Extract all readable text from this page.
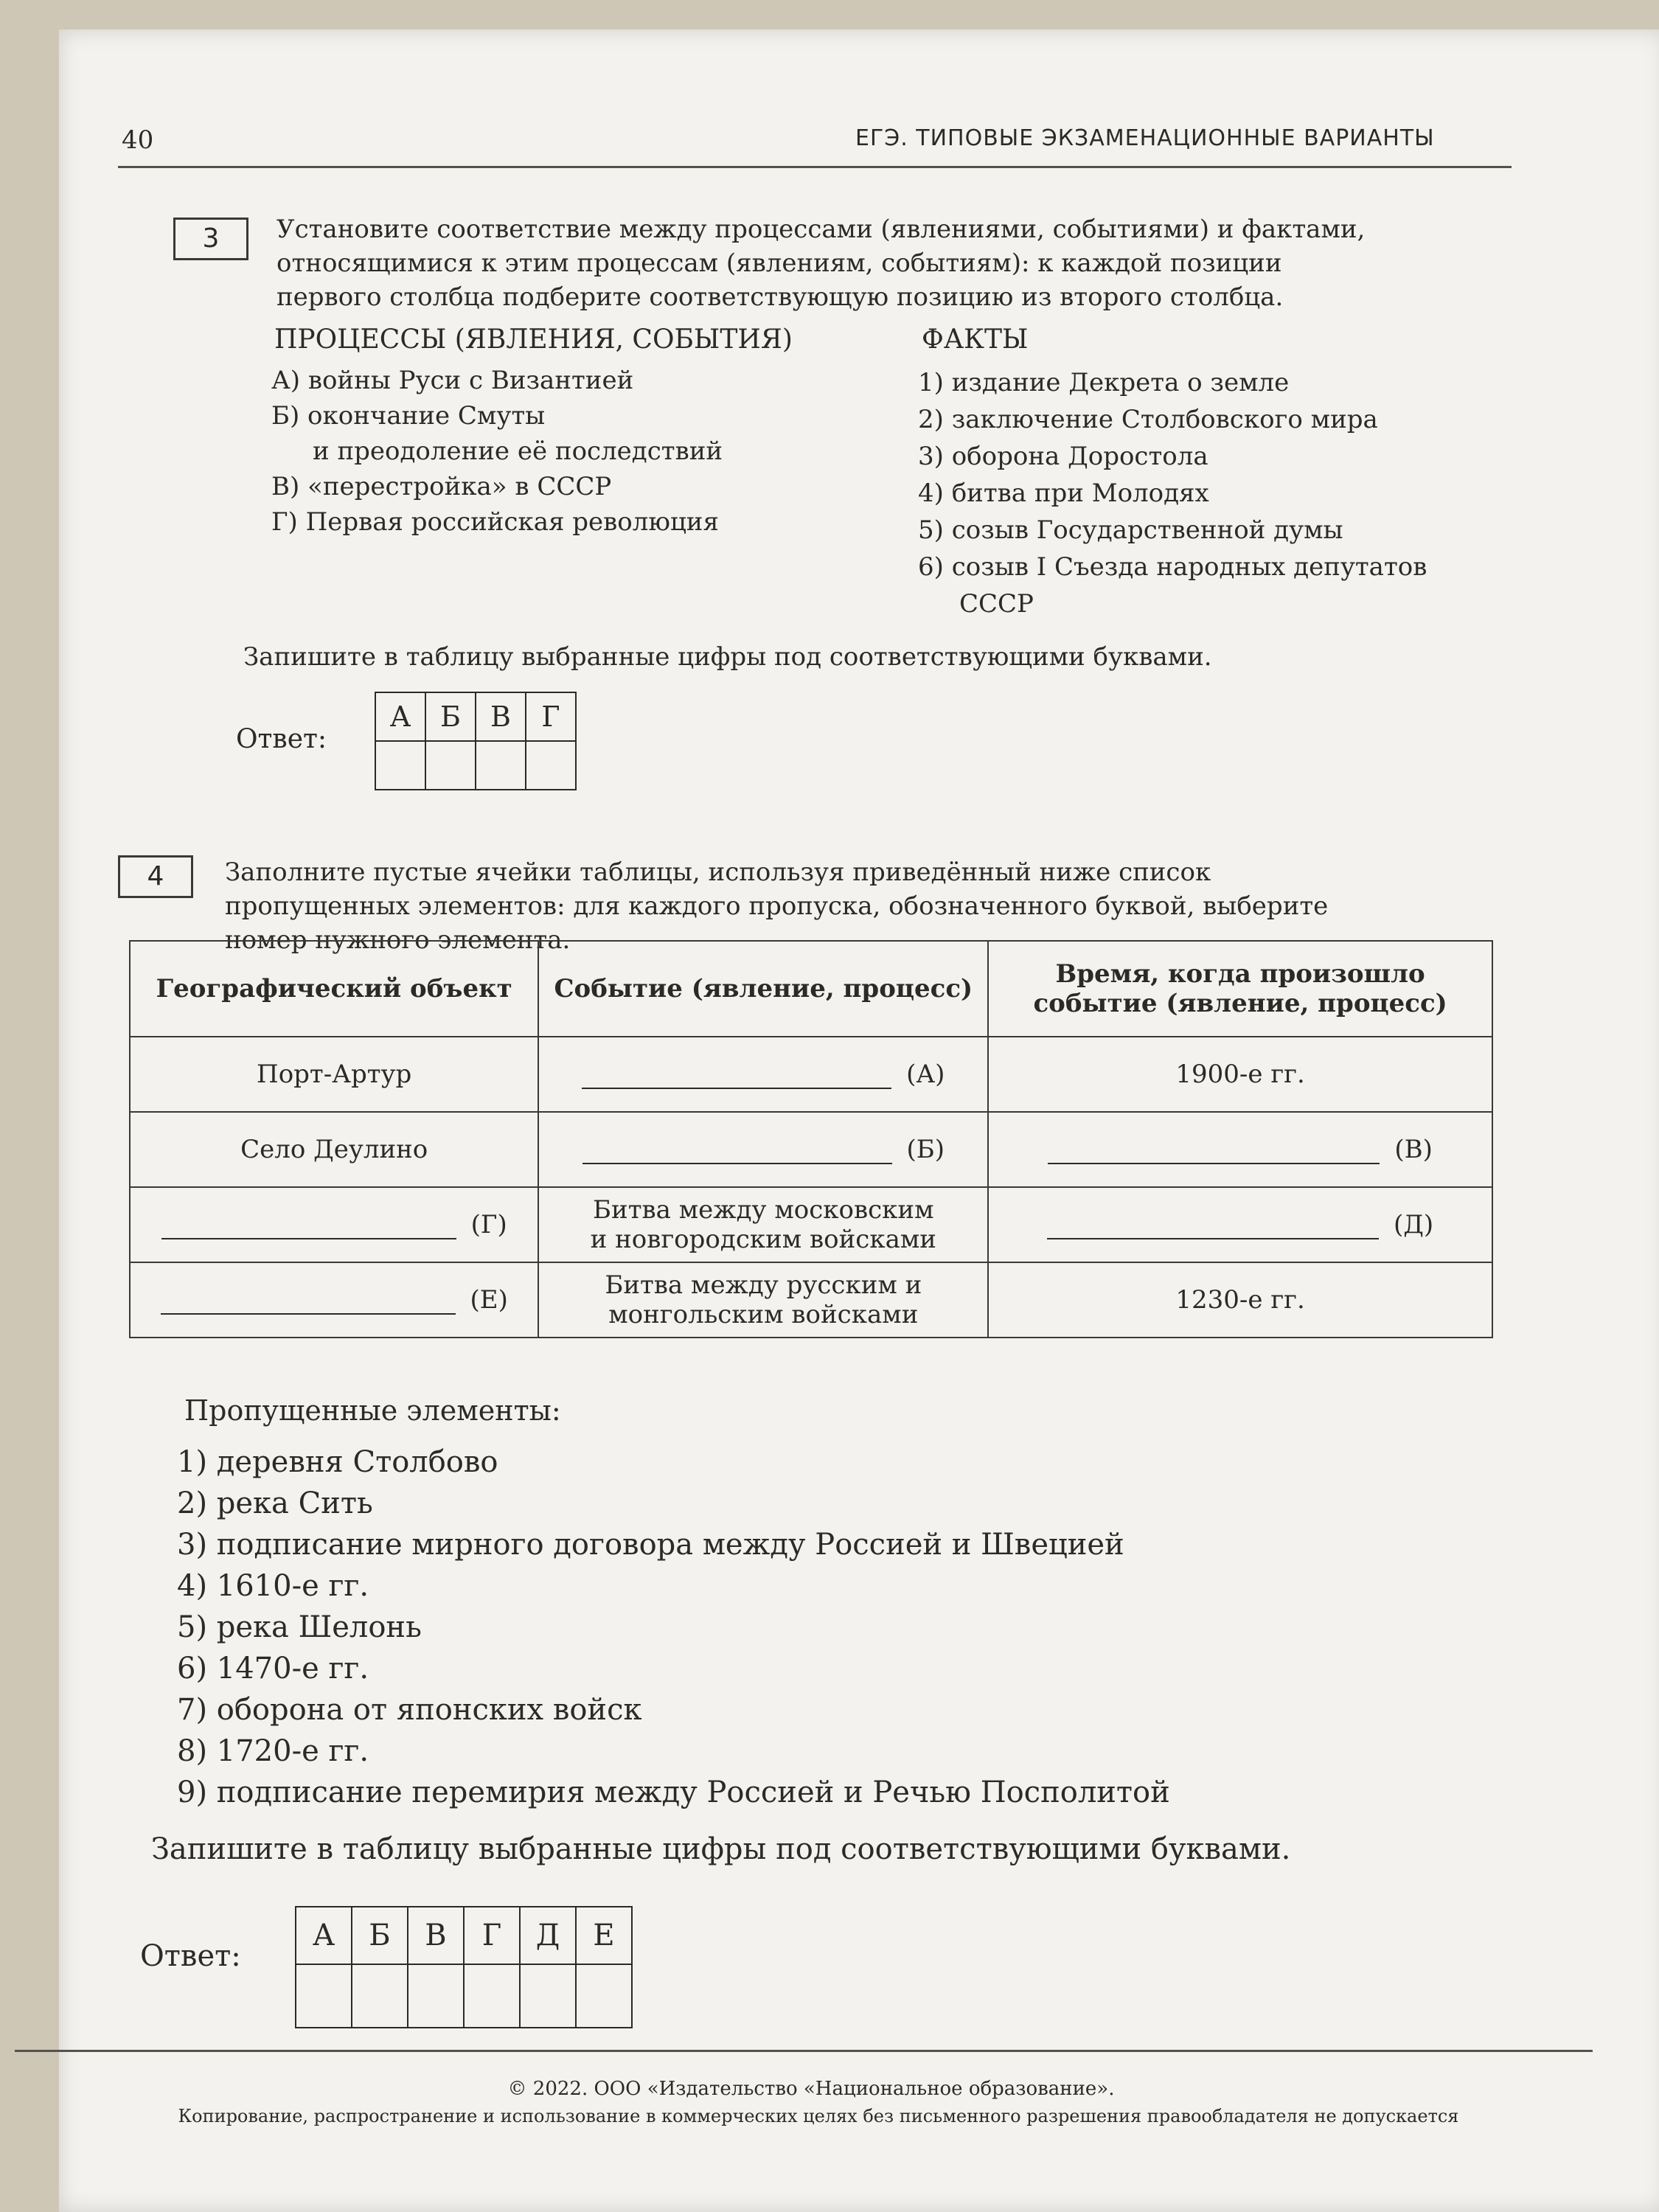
40	ЕГЭ. ТИПОВЫЕ ЭКЗАМЕНАЦИОННЫЕ ВАРИАНТЫ
3	Установите соответствие между процессами (явлениями, событиями) и фактами,
относящимися к этим процессам (явлениям, событиям): к каждой позиции
первого столбца подберите соответствующую позицию из второго столбца.
ПРОЦЕССЫ (ЯВЛЕНИЯ, СОБЫТИЯ)	ФАКТЫ
А) войны Руси с Византией
Б) окончание Смуты
и преодоление её последствий
В) «перестройка» в СССР
Г) Первая российская революция
1) издание Декрета о земле
2) заключение Столбовского мира
3) оборона Доростола
4) битва при Молодях
5) созыв Государственной думы
6) созыв I Съезда народных депутатов
СССР
Запишите в таблицу выбранные цифры под соответствующими буквами.
Ответ:
А	Б	В	Г

4	Заполните пустые ячейки таблицы, используя приведённый ниже список
пропущенных элементов: для каждого пропуска, обозначенного буквой, выберите
номер нужного элемента.
Географический объект	Событие (явление, процесс)	Время, когда произошло событие (явление, процесс)
Порт-Артур	(А)	1900-е гг.
Село Деулино	(Б)	(В)
(Г)	Битва между московским и новгородским войсками	(Д)
(Е)	Битва между русским и монгольским войсками	1230-е гг.
Пропущенные элементы:
1) деревня Столбово
2) река Сить
3) подписание мирного договора между Россией и Швецией
4) 1610-е гг.
5) река Шелонь
6) 1470-е гг.
7) оборона от японских войск
8) 1720-е гг.
9) подписание перемирия между Россией и Речью Посполитой
Запишите в таблицу выбранные цифры под соответствующими буквами.
Ответ:
А	Б	В	Г	Д	Е

© 2022. ООО «Издательство «Национальное образование».
Копирование, распространение и использование в коммерческих целях без письменного разрешения правообладателя не допускается
